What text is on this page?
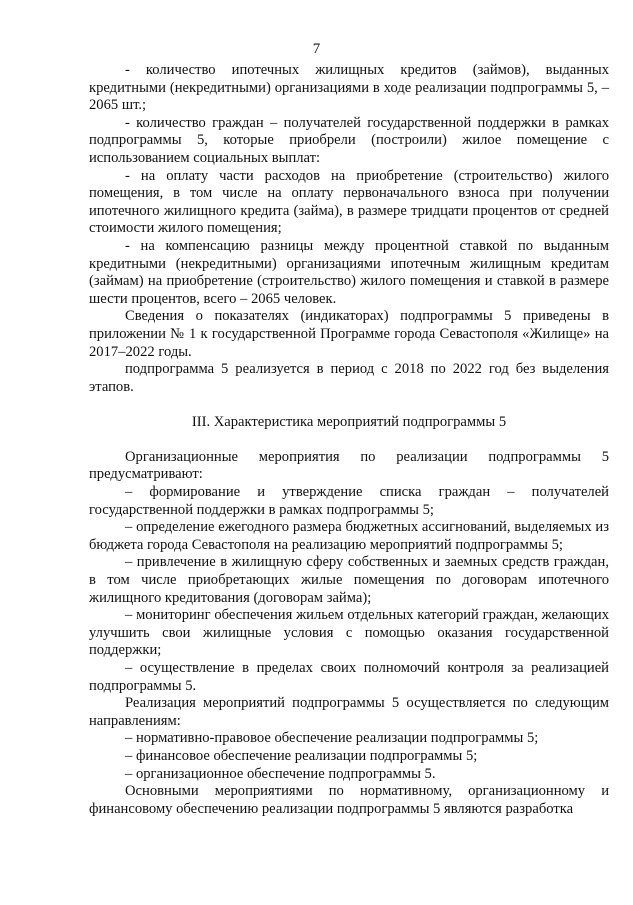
7

- количество ипотечных жилищных кредитов (займов), выданных кредитными (некредитными) организациями в ходе реализации подпрограммы 5, – 2065 шт.;

- количество граждан – получателей государственной поддержки в рамках подпрограммы 5, которые приобрели (построили) жилое помещение с использованием социальных выплат:

- на оплату части расходов на приобретение (строительство) жилого помещения, в том числе на оплату первоначального взноса при получении ипотечного жилищного кредита (займа), в размере тридцати процентов от средней стоимости жилого помещения;

- на компенсацию разницы между процентной ставкой по выданным кредитными (некредитными) организациями ипотечным жилищным кредитам (займам) на приобретение (строительство) жилого помещения и ставкой в размере шести процентов, всего – 2065 человек.

Сведения о показателях (индикаторах) подпрограммы 5 приведены в приложении № 1 к государственной Программе города Севастополя «Жилище» на 2017–2022 годы.

подпрограмма 5 реализуется в период с 2018 по 2022 год без выделения этапов.

III. Характеристика мероприятий подпрограммы 5

Организационные мероприятия по реализации подпрограммы 5 предусматривают:

– формирование и утверждение списка граждан – получателей государственной поддержки в рамках подпрограммы 5;

– определение ежегодного размера бюджетных ассигнований, выделяемых из бюджета города Севастополя на реализацию мероприятий подпрограммы 5;

– привлечение в жилищную сферу собственных и заемных средств граждан, в том числе приобретающих жилые помещения по договорам ипотечного жилищного кредитования (договорам займа);

– мониторинг обеспечения жильем отдельных категорий граждан, желающих улучшить свои жилищные условия с помощью оказания государственной поддержки;

– осуществление в пределах своих полномочий контроля за реализацией подпрограммы 5.

Реализация мероприятий подпрограммы 5 осуществляется по следующим направлениям:

– нормативно-правовое обеспечение реализации подпрограммы 5;

– финансовое обеспечение реализации подпрограммы 5;

– организационное обеспечение подпрограммы 5.

Основными мероприятиями по нормативному, организационному и финансовому обеспечению реализации подпрограммы 5 являются разработка
